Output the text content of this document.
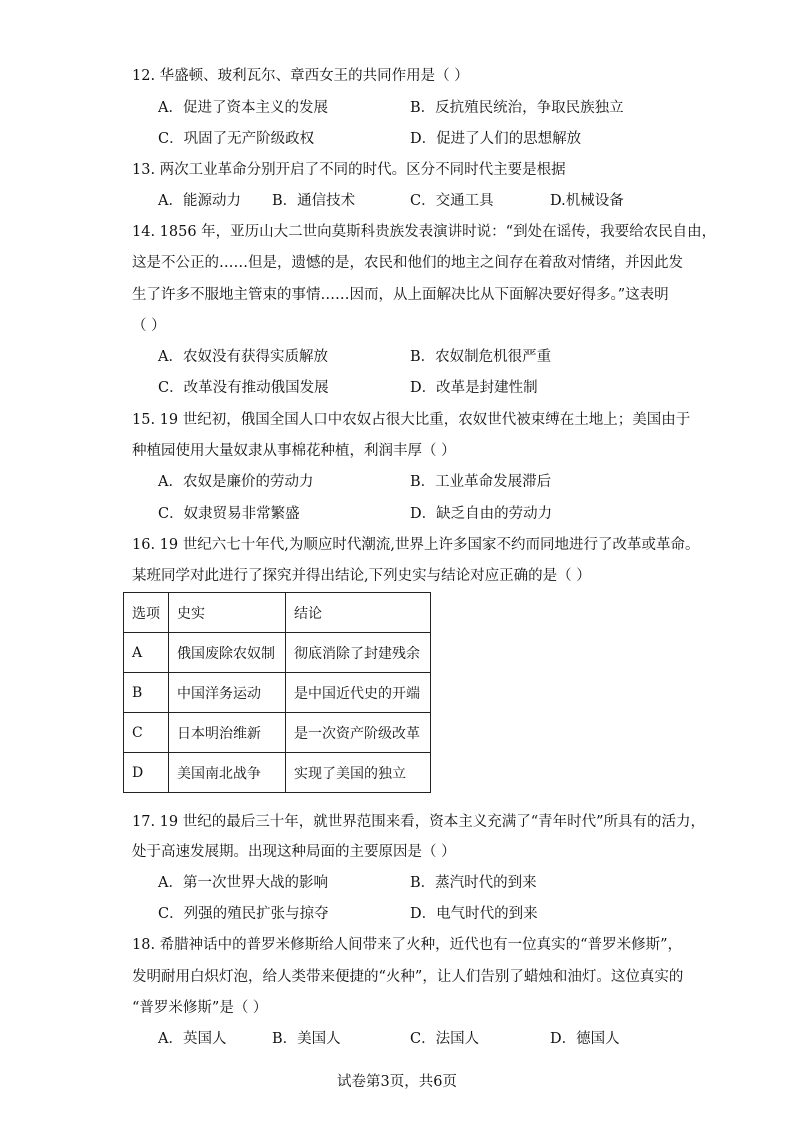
12. 华盛顿、玻利瓦尔、章西女王的共同作用是（ ）
A．促进了资本主义的发展	B．反抗殖民统治，争取民族独立
C．巩固了无产阶级政权	D．促进了人们的思想解放
13. 两次工业革命分别开启了不同的时代。区分不同时代主要是根据
A．能源动力 B．通信技术	C．交通工具	D.机械设备
14. 1856 年，亚历山大二世向莫斯科贵族发表演讲时说：“到处在谣传，我要给农民自由，
这是不公正的……但是，遗憾的是，农民和他们的地主之间存在着敌对情绪，并因此发
生了许多不服地主管束的事情……因而，从上面解决比从下面解决要好得多。”这表明
（ ）
A．农奴没有获得实质解放	B．农奴制危机很严重
C．改革没有推动俄国发展	D．改革是封建性制
15. 19 世纪初，俄国全国人口中农奴占很大比重，农奴世代被束缚在土地上；美国由于
种植园使用大量奴隶从事棉花种植，利润丰厚（ ）
A．农奴是廉价的劳动力	B．工业革命发展滞后
C．奴隶贸易非常繁盛	D．缺乏自由的劳动力
16. 19 世纪六七十年代,为顺应时代潮流,世界上许多国家不约而同地进行了改革或革命。
某班同学对此进行了探究并得出结论,下列史实与结论对应正确的是（ ）
选项	史实	结论
A	俄国废除农奴制	彻底消除了封建残余
B	中国洋务运动	是中国近代史的开端
C	日本明治维新	是一次资产阶级改革
D	美国南北战争	实现了美国的独立
17. 19 世纪的最后三十年，就世界范围来看，资本主义充满了“青年时代”所具有的活力，
处于高速发展期。出现这种局面的主要原因是（ ）
A．第一次世界大战的影响	B．蒸汽时代的到来
C．列强的殖民扩张与掠夺	D．电气时代的到来
18. 希腊神话中的普罗米修斯给人间带来了火种，近代也有一位真实的“普罗米修斯”，
发明耐用白炽灯泡，给人类带来便捷的“火种”，让人们告别了蜡烛和油灯。这位真实的
“普罗米修斯”是（ ）
A．英国人	B．美国人	C．法国人	D．德国人
试卷第3页，共6页
